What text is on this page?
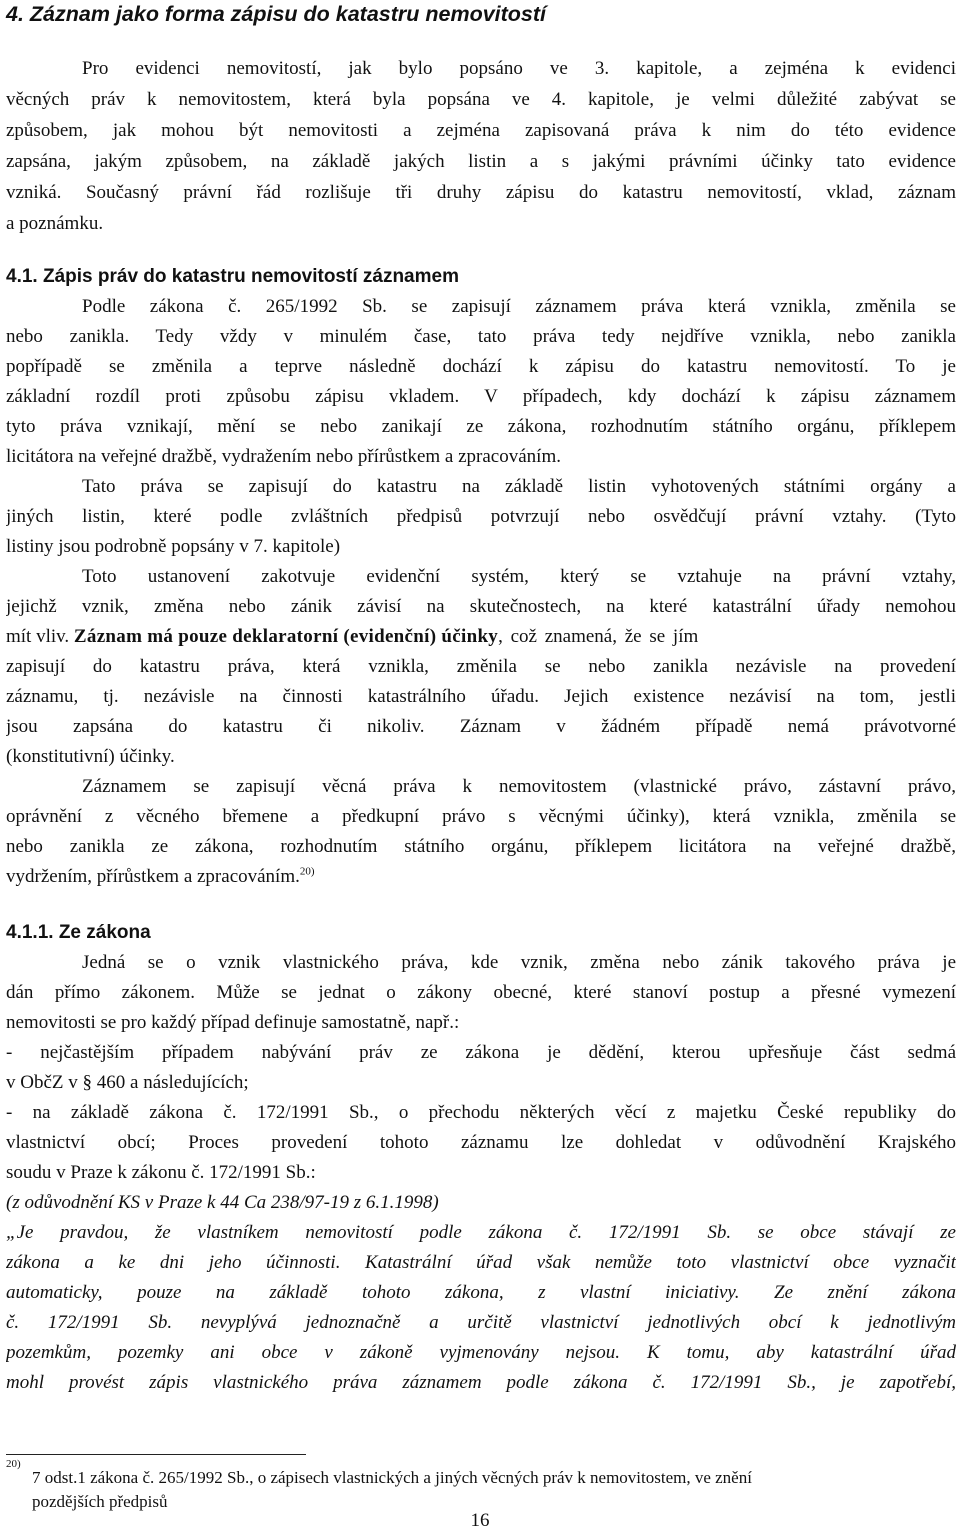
4. Záznam jako forma zápisu do katastru nemovitostí
Pro evidenci nemovitostí, jak bylo popsáno ve 3. kapitole, a zejména k evidenci
věcných práv k nemovitostem, která byla popsána ve 4. kapitole, je velmi důležité zabývat se
způsobem, jak mohou být nemovitosti a zejména zapisovaná práva k nim do této evidence
zapsána, jakým způsobem, na základě jakých listin a s jakými právními účinky tato evidence
vzniká. Současný právní řád rozlišuje tři druhy zápisu do katastru nemovitostí, vklad, záznam
a poznámku.
4.1. Zápis práv do katastru nemovitostí záznamem
Podle zákona č. 265/1992 Sb. se zapisují záznamem práva která vznikla, změnila se
nebo zanikla. Tedy vždy v minulém čase, tato práva tedy nejdříve vznikla, nebo zanikla
popřípadě se změnila a teprve následně dochází k zápisu do katastru nemovitostí. To je
základní rozdíl proti způsobu zápisu vkladem. V případech, kdy dochází k zápisu záznamem
tyto práva vznikají, mění se nebo zanikají ze zákona, rozhodnutím státního orgánu, příklepem
licitátora na veřejné dražbě, vydražením nebo přírůstkem a zpracováním.
Tato práva se zapisují do katastru na základě listin vyhotovených státními orgány a
jiných listin, které podle zvláštních předpisů potvrzují nebo osvědčují právní vztahy. (Tyto
listiny jsou podrobně popsány v 7. kapitole)
Toto ustanovení zakotvuje evidenční systém, který se vztahuje na právní vztahy,
jejichž vznik, změna nebo zánik závisí na skutečnostech, na které katastrální úřady nemohou
mít vliv. Záznam má pouze deklaratorní (evidenční) účinky, což znamená, že se jím
zapisují do katastru práva, která vznikla, změnila se nebo zanikla nezávisle na provedení
záznamu, tj. nezávisle na činnosti katastrálního úřadu. Jejich existence nezávisí na tom, jestli
jsou zapsána do katastru či nikoliv. Záznam v žádném případě nemá právotvorné
(konstitutivní) účinky.
Záznamem se zapisují věcná práva k nemovitostem (vlastnické právo, zástavní právo,
oprávnění z věcného břemene a předkupní právo s věcnými účinky), která vznikla, změnila se
nebo zanikla ze zákona, rozhodnutím státního orgánu, příklepem licitátora na veřejné dražbě,
vydržením, přírůstkem a zpracováním.$^{20)}$
4.1.1. Ze zákona
Jedná se o vznik vlastnického práva, kde vznik, změna nebo zánik takového práva je
dán přímo zákonem. Může se jednat o zákony obecné, které stanoví postup a přesné vymezení
nemovitosti se pro každý případ definuje samostatně, např.:
- nejčastějším případem nabývání práv ze zákona je dědění, kterou upřesňuje část sedmá
v ObčZ v § 460 a následujících;
- na základě zákona č. 172/1991 Sb., o přechodu některých věcí z majetku České republiky do
vlastnictví obcí; Proces provedení tohoto záznamu lze dohledat v odůvodnění Krajského
soudu v Praze k zákonu č. 172/1991 Sb.:
(z odůvodnění KS v Praze k 44 Ca 238/97-19 z 6.1.1998)
„Je pravdou, že vlastníkem nemovitostí podle zákona č. 172/1991 Sb. se obce stávají ze
zákona a ke dni jeho účinnosti. Katastrální úřad však nemůže toto vlastnictví obce vyznačit
automaticky, pouze na základě tohoto zákona, z vlastní iniciativy. Ze znění zákona
č. 172/1991 Sb. nevyplývá jednoznačně a určitě vlastnictví jednotlivých obcí k jednotlivým
pozemkům, pozemky ani obce v zákoně vyjmenovány nejsou. K tomu, aby katastrální úřad
mohl provést zápis vlastnického práva záznamem podle zákona č. 172/1991 Sb., je zapotřebí,
20)
7 odst.1 zákona č. 265/1992 Sb., o zápisech vlastnických a jiných věcných práv k nemovitostem, ve znění
pozdějších předpisů
16
